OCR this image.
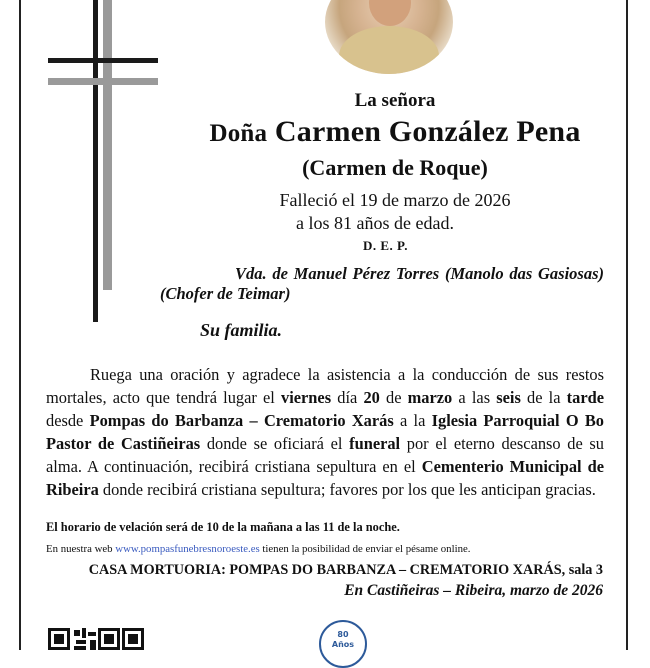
La señora

Doña Carmen González Pena

(Carmen de Roque)

Falleció el 19 de marzo de 2026

a los 81 años de edad.

D. E. P.

Vda. de Manuel Pérez Torres (Manolo das Gasiosas) (Chofer de Teimar)

Su familia.

Ruega una oración y agradece la asistencia a la conducción de sus restos mortales, acto que tendrá lugar el viernes día 20 de marzo a las seis de la tarde desde Pompas do Barbanza – Crematorio Xarás a la Iglesia Parroquial O Bo Pastor de Castiñeiras donde se oficiará el funeral por el eterno descanso de su alma. A continuación, recibirá cristiana sepultura en el Cementerio Municipal de Ribeira donde recibirá cristiana sepultura; favores por los que les anticipan gracias.

El horario de velación será de 10 de la mañana a las 11 de la noche.

En nuestra web www.pompasfunebresnoroeste.es tienen la posibilidad de enviar el pésame online.

CASA MORTUORIA: POMPAS DO BARBANZA – CREMATORIO XARÁS, sala 3

En Castiñeiras – Ribeira, marzo de 2026

80
Años
